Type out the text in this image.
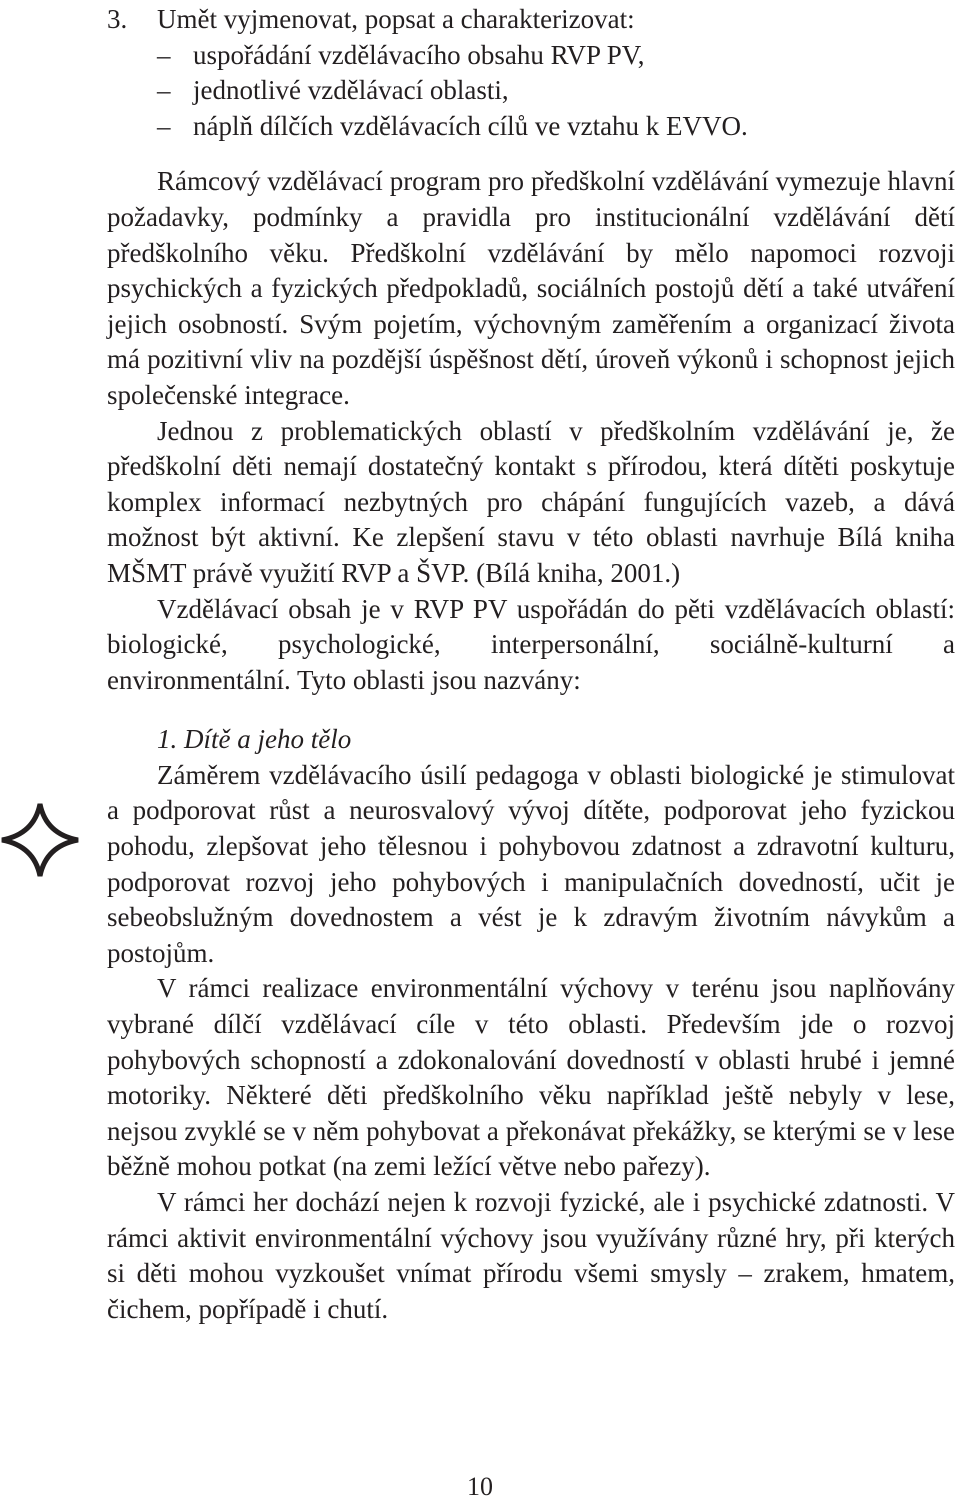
3. Umět vyjmenovat, popsat a charakterizovat:
– uspořádání vzdělávacího obsahu RVP PV,
– jednotlivé vzdělávací oblasti,
– náplň dílčích vzdělávacích cílů ve vztahu k EVVO.

Rámcový vzdělávací program pro předškolní vzdělávání vymezuje hlavní požadavky, podmínky a pravidla pro institucionální vzdělávání dětí předškolního věku. Předškolní vzdělávání by mělo napomoci rozvoji psychických a fyzických předpokladů, sociálních postojů dětí a také utváření jejich osobností. Svým pojetím, výchovným zaměřením a organizací života má pozitivní vliv na pozdější úspěšnost dětí, úroveň výkonů i schopnost jejich společenské integrace.

Jednou z problematických oblastí v předškolním vzdělávání je, že předškolní děti nemají dostatečný kontakt s přírodou, která dítěti poskytuje komplex informací nezbytných pro chápání fungujících vazeb, a dává možnost být aktivní. Ke zlepšení stavu v této oblasti navrhuje Bílá kniha MŠMT právě využití RVP a ŠVP. (Bílá kniha, 2001.)

Vzdělávací obsah je v RVP PV uspořádán do pěti vzdělávacích oblastí: biologické, psychologické, interpersonální, sociálně-kulturní a environmentální. Tyto oblasti jsou nazvány:

1. Dítě a jeho tělo

Záměrem vzdělávacího úsilí pedagoga v oblasti biologické je stimulovat a podporovat růst a neurosvalový vývoj dítěte, podporovat jeho fyzickou pohodu, zlepšovat jeho tělesnou i pohybovou zdatnost a zdravotní kulturu, podporovat rozvoj jeho pohybových i manipulačních dovedností, učit je sebeobslužným dovednostem a vést je k zdravým životním návykům a postojům.

V rámci realizace environmentální výchovy v terénu jsou naplňovány vybrané dílčí vzdělávací cíle v této oblasti. Především jde o rozvoj pohybových schopností a zdokonalování dovedností v oblasti hrubé i jemné motoriky. Některé děti předškolního věku například ještě nebyly v lese, nejsou zvyklé se v něm pohybovat a překonávat překážky, se kterými se v lese běžně mohou potkat (na zemi ležící větve nebo pařezy).

V rámci her dochází nejen k rozvoji fyzické, ale i psychické zdatnosti. V rámci aktivit environmentální výchovy jsou využívány různé hry, při kterých si děti mohou vyzkoušet vnímat přírodu všemi smysly – zrakem, hmatem, čichem, popřípadě i chutí.

10
